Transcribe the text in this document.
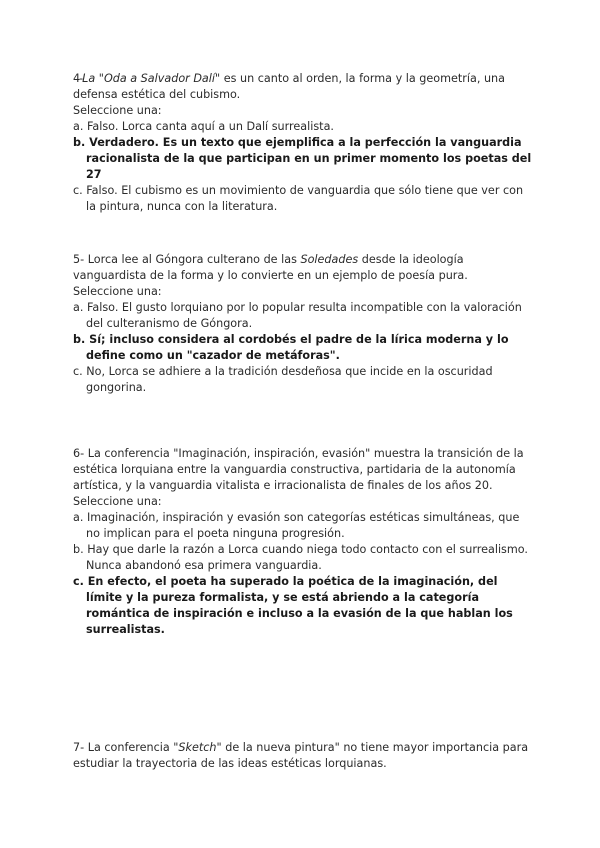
4-La "Oda a Salvador Dalí" es un canto al orden, la forma y la geometría, una defensa estética del cubismo.

Seleccione una:

a. Falso. Lorca canta aquí a un Dalí surrealista.

b. Verdadero. Es un texto que ejemplifica a la perfección la vanguardia racionalista de la que participan en un primer momento los poetas del 27

c. Falso. El cubismo es un movimiento de vanguardia que sólo tiene que ver con la pintura, nunca con la literatura.

5- Lorca lee al Góngora culterano de las Soledades desde la ideología vanguardista de la forma y lo convierte en un ejemplo de poesía pura.

Seleccione una:

a. Falso. El gusto lorquiano por lo popular resulta incompatible con la valoración del culteranismo de Góngora.

b. Sí; incluso considera al cordobés el padre de la lírica moderna y lo define como un "cazador de metáforas".

c. No, Lorca se adhiere a la tradición desdeñosa que incide en la oscuridad gongorina.

6- La conferencia "Imaginación, inspiración, evasión" muestra la transición de la estética lorquiana entre la vanguardia constructiva, partidaria de la autonomía artística, y la vanguardia vitalista e irracionalista de finales de los años 20.

Seleccione una:

a. Imaginación, inspiración y evasión son categorías estéticas simultáneas, que no implican para el poeta ninguna progresión.

b. Hay que darle la razón a Lorca cuando niega todo contacto con el surrealismo. Nunca abandonó esa primera vanguardia.

c. En efecto, el poeta ha superado la poética de la imaginación, del límite y la pureza formalista, y se está abriendo a la categoría romántica de inspiración e incluso a la evasión de la que hablan los surrealistas.

7- La conferencia "Sketch" de la nueva pintura" no tiene mayor importancia para estudiar la trayectoria de las ideas estéticas lorquianas.
